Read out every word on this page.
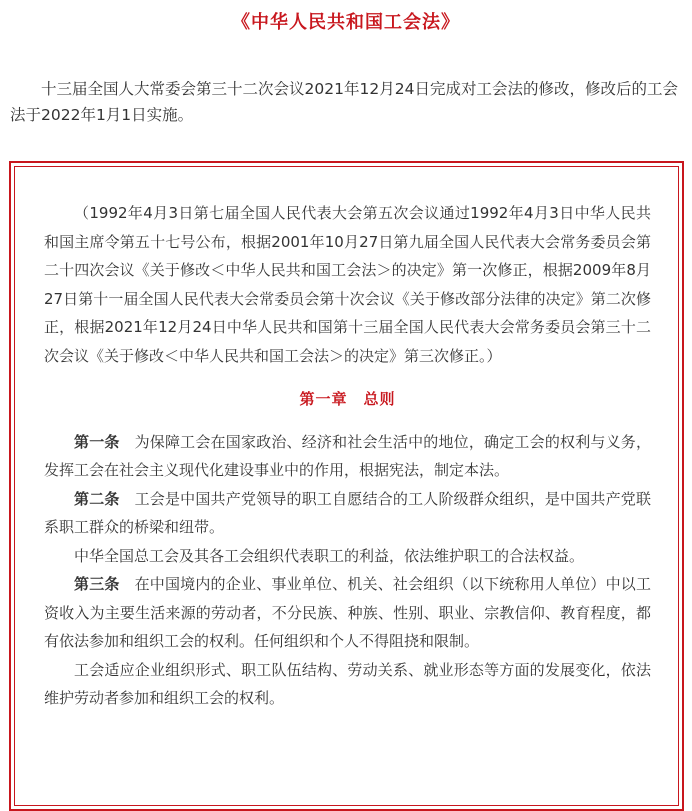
《中华人民共和国工会法》
十三届全国人大常委会第三十二次会议2021年12月24日完成对工会法的修改，修改后的工会法于2022年1月1日实施。

（1992年4月3日第七届全国人民代表大会第五次会议通过1992年4月3日中华人民共和国主席令第五十七号公布，根据2001年10月27日第九届全国人民代表大会常务委员会第二十四次会议《关于修改＜中华人民共和国工会法＞的决定》第一次修正，根据2009年8月27日第十一届全国人民代表大会常委员会第十次会议《关于修改部分法律的决定》第二次修正，根据2021年12月24日中华人民共和国第十三届全国人民代表大会常务委员会第三十二次会议《关于修改＜中华人民共和国工会法＞的决定》第三次修正。）

第一章　总则

第一条 为保障工会在国家政治、经济和社会生活中的地位，确定工会的权利与义务，发挥工会在社会主义现代化建设事业中的作用，根据宪法，制定本法。

第二条 工会是中国共产党领导的职工自愿结合的工人阶级群众组织，是中国共产党联系职工群众的桥梁和纽带。

中华全国总工会及其各工会组织代表职工的利益，依法维护职工的合法权益。

第三条 在中国境内的企业、事业单位、机关、社会组织（以下统称用人单位）中以工资收入为主要生活来源的劳动者，不分民族、种族、性别、职业、宗教信仰、教育程度，都有依法参加和组织工会的权利。任何组织和个人不得阻挠和限制。

工会适应企业组织形式、职工队伍结构、劳动关系、就业形态等方面的发展变化，依法维护劳动者参加和组织工会的权利。
